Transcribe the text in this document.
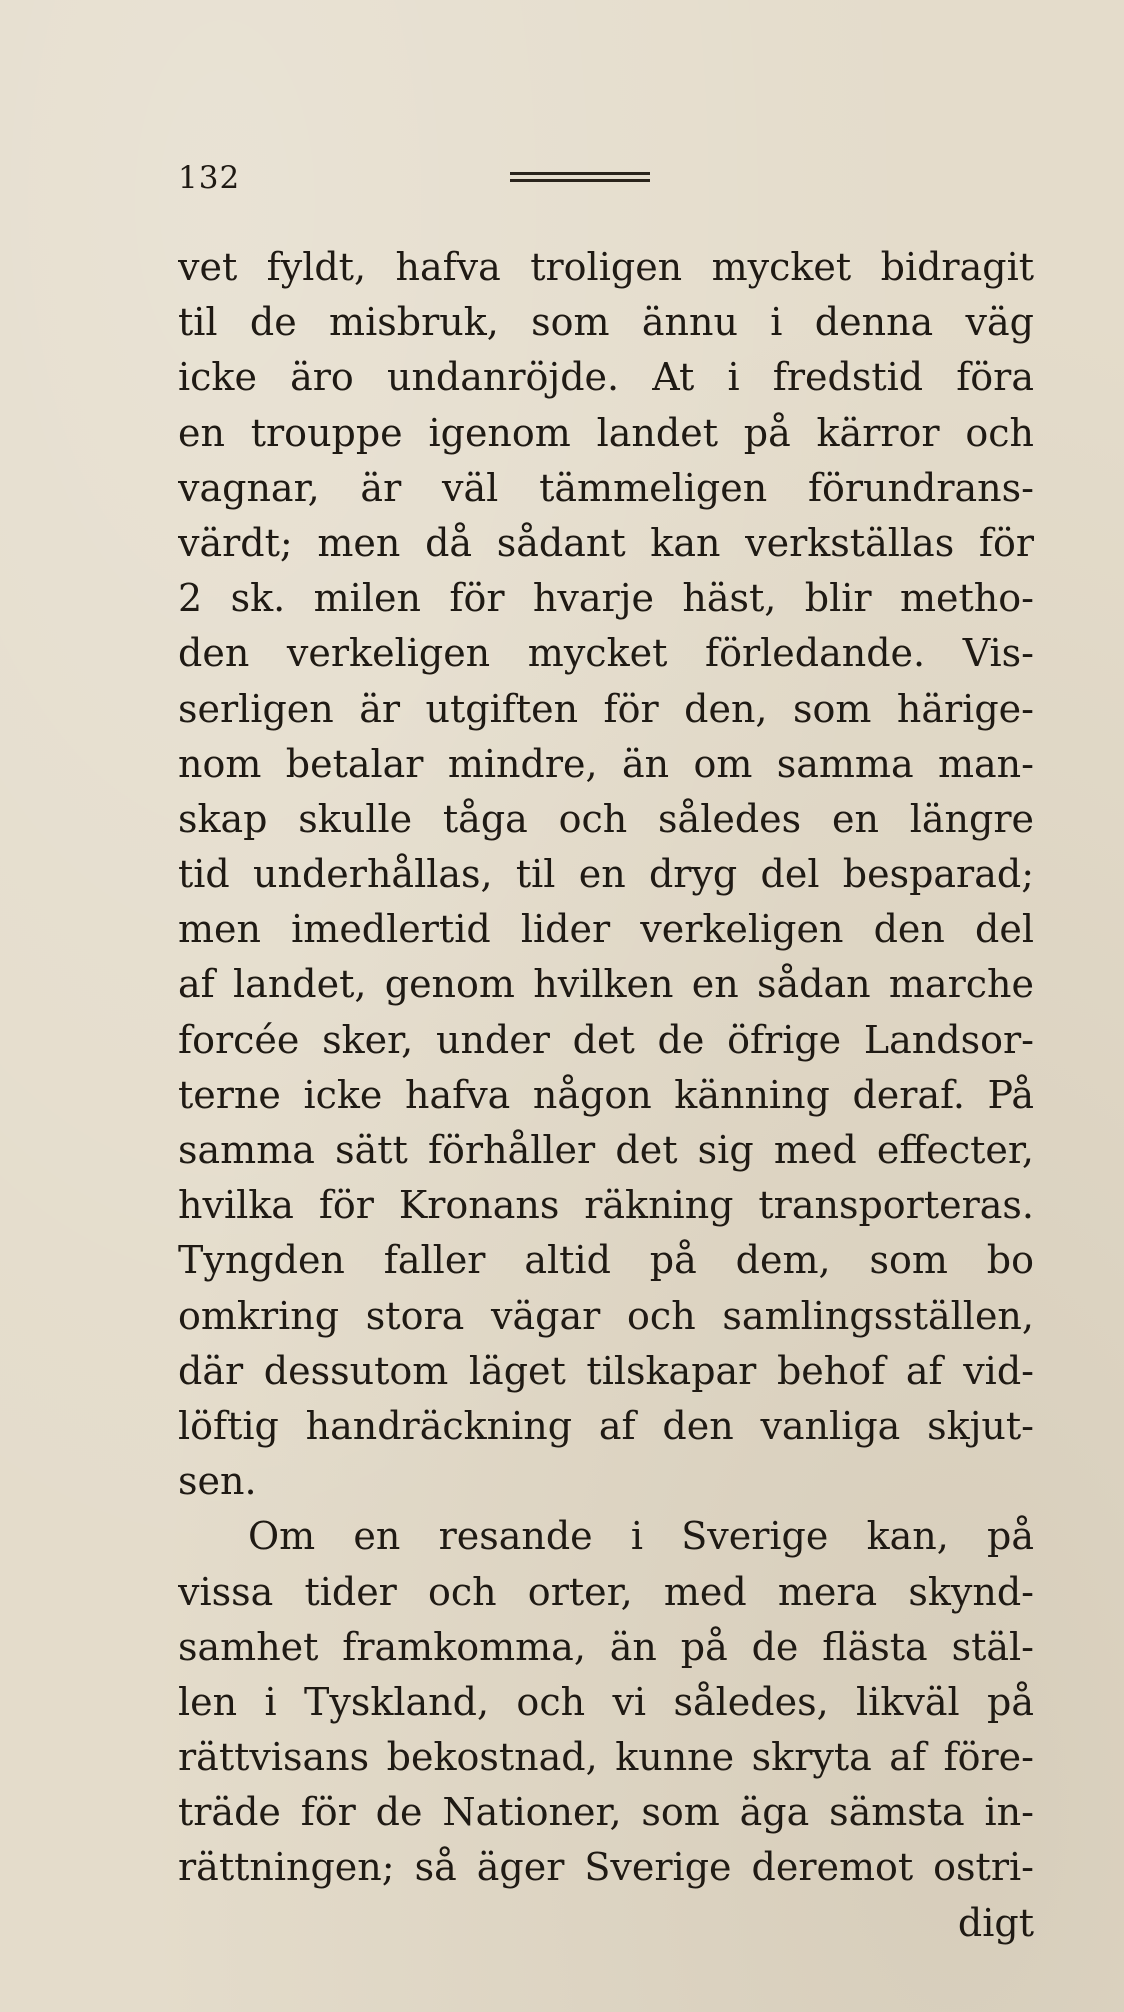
132
vet fyldt, hafva troligen mycket bidragit
til de misbruk, som ännu i denna väg
icke äro undanröjde. At i fredstid föra
en trouppe igenom landet på kärror och
vagnar, är väl tämmeligen förundrans-
värdt; men då sådant kan verkställas för
2 sk. milen för hvarje häst, blir metho-
den verkeligen mycket förledande. Vis-
serligen är utgiften för den, som härige-
nom betalar mindre, än om samma man-
skap skulle tåga och således en längre
tid underhållas, til en dryg del besparad;
men imedlertid lider verkeligen den del
af landet, genom hvilken en sådan marche
forcée sker, under det de öfrige Landsor-
terne icke hafva någon känning deraf. På
samma sätt förhåller det sig med effecter,
hvilka för Kronans räkning transporteras.
Tyngden faller altid på dem, som bo
omkring stora vägar och samlingsställen,
där dessutom läget tilskapar behof af vid-
löftig handräckning af den vanliga skjut-
sen.
Om en resande i Sverige kan, på
vissa tider och orter, med mera skynd-
samhet framkomma, än på de flästa stäl-
len i Tyskland, och vi således, likväl på
rättvisans bekostnad, kunne skryta af före-
träde för de Nationer, som äga sämsta in-
rättningen; så äger Sverige deremot ostri-
digt
